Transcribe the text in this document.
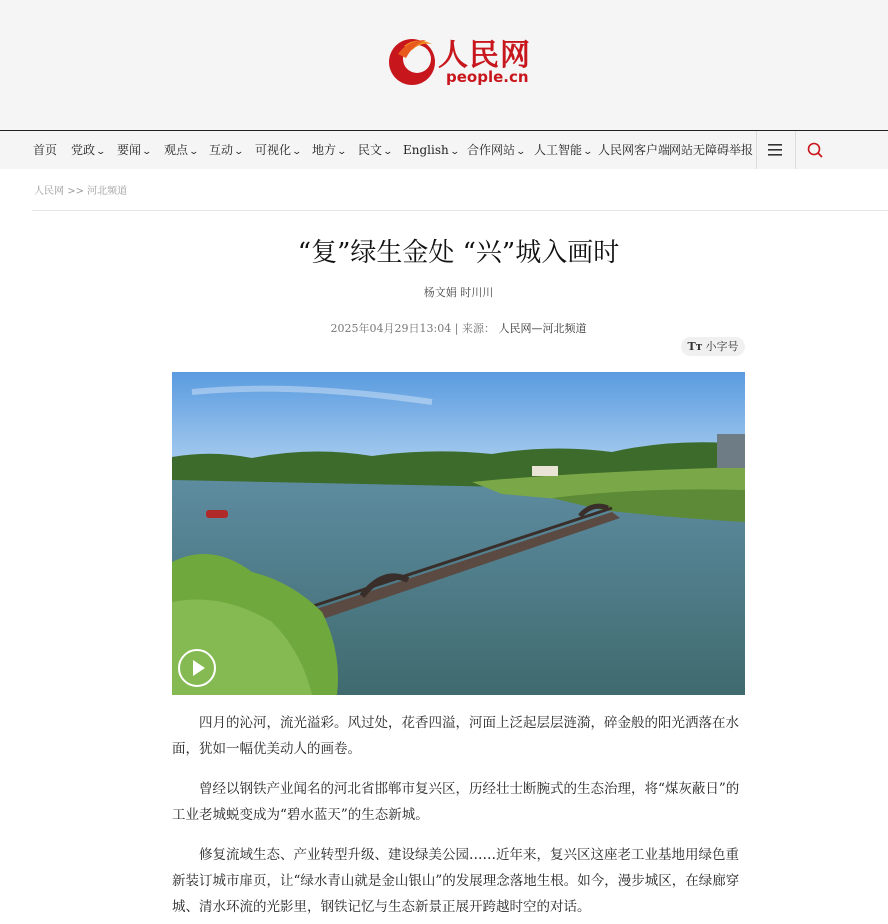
人民网
people.cn
首页 党政⌄ 要闻⌄ 观点⌄ 互动⌄ 可视化⌄ 地方⌄ 民文⌄ English⌄ 合作网站⌄ 人工智能⌄ 人民网客户端
网站无障碍 举报
人民网 >> 河北频道
“复”绿生金处 “兴”城入画时
杨文娟 时川川
2025年04月29日13:04 | 来源： 人民网—河北频道
Tт 小字号

四月的沁河，流光溢彩。风过处，花香四溢，河面上泛起层层涟漪，碎金般的阳光洒落在水面，犹如一幅优美动人的画卷。

曾经以钢铁产业闻名的河北省邯郸市复兴区，历经壮士断腕式的生态治理，将“煤灰蔽日”的工业老城蜕变成为“碧水蓝天”的生态新城。

修复流域生态、产业转型升级、建设绿美公园……近年来，复兴区这座老工业基地用绿色重新装订城市扉页，让“绿水青山就是金山银山”的发展理念落地生根。如今，漫步城区，在绿廊穿城、清水环流的光影里，钢铁记忆与生态新景正展开跨越时空的对话。
